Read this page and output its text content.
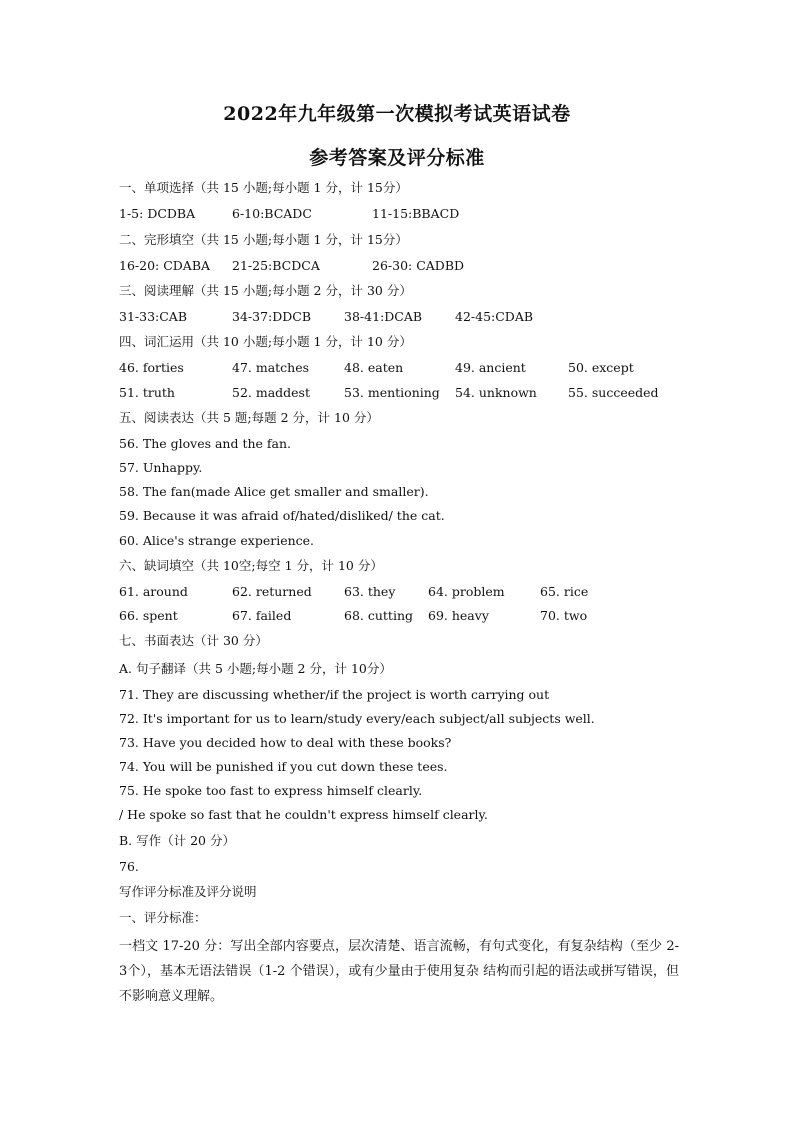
2022年九年级第一次模拟考试英语试卷
参考答案及评分标准
一、单项选择（共 15 小题;每小题 1 分，计 15分）
1-5: DCDBA	6-10:BCADC	11-15:BBACD
二、完形填空（共 15 小题;每小题 1 分，计 15分）
16-20: CDABA 21-25:BCDCA	26-30: CADBD
三、阅读理解（共 15 小题;每小题 2 分，计 30 分）
31-33:CAB	34-37:DDCB	38-41:DCAB	42-45:CDAB
四、词汇运用（共 10 小题;每小题 1 分，计 10 分）
46. forties	47. matches	48. eaten	49. ancient	50. except
51. truth	52. maddest	53. mentioning 54. unknown 55. succeeded
五、阅读表达（共 5 题;每题 2 分，计 10 分）
56. The gloves and the fan.
57. Unhappy.
58. The fan(made Alice get smaller and smaller).
59. Because it was afraid of/hated/disliked/ the cat.
60. Alice's strange experience.
六、缺词填空（共 10空;每空 1 分，计 10 分）
61. around	62. returned	63. they	64. problem	65. rice
66. spent	67. failed	68. cutting 69. heavy	70. two
七、书面表达（计 30 分）
A. 句子翻译（共 5 小题;每小题 2 分，计 10分）
71. They are discussing whether/if the project is worth carrying out
72. It's important for us to learn/study every/each subject/all subjects well.
73. Have you decided how to deal with these books?
74. You will be punished if you cut down these tees.
75. He spoke too fast to express himself clearly.
/ He spoke so fast that he couldn't express himself clearly.
B. 写作（计 20 分）
76.
写作评分标准及评分说明
一、评分标准：
一档文 17-20 分：写出全部内容要点，层次清楚、语言流畅，有句式变化，有复杂结构（至少 2-3个），基本无语法错误（1-2 个错误），或有少量由于使用复杂 结构而引起的语法或拼写错误，但不影响意义理解。
